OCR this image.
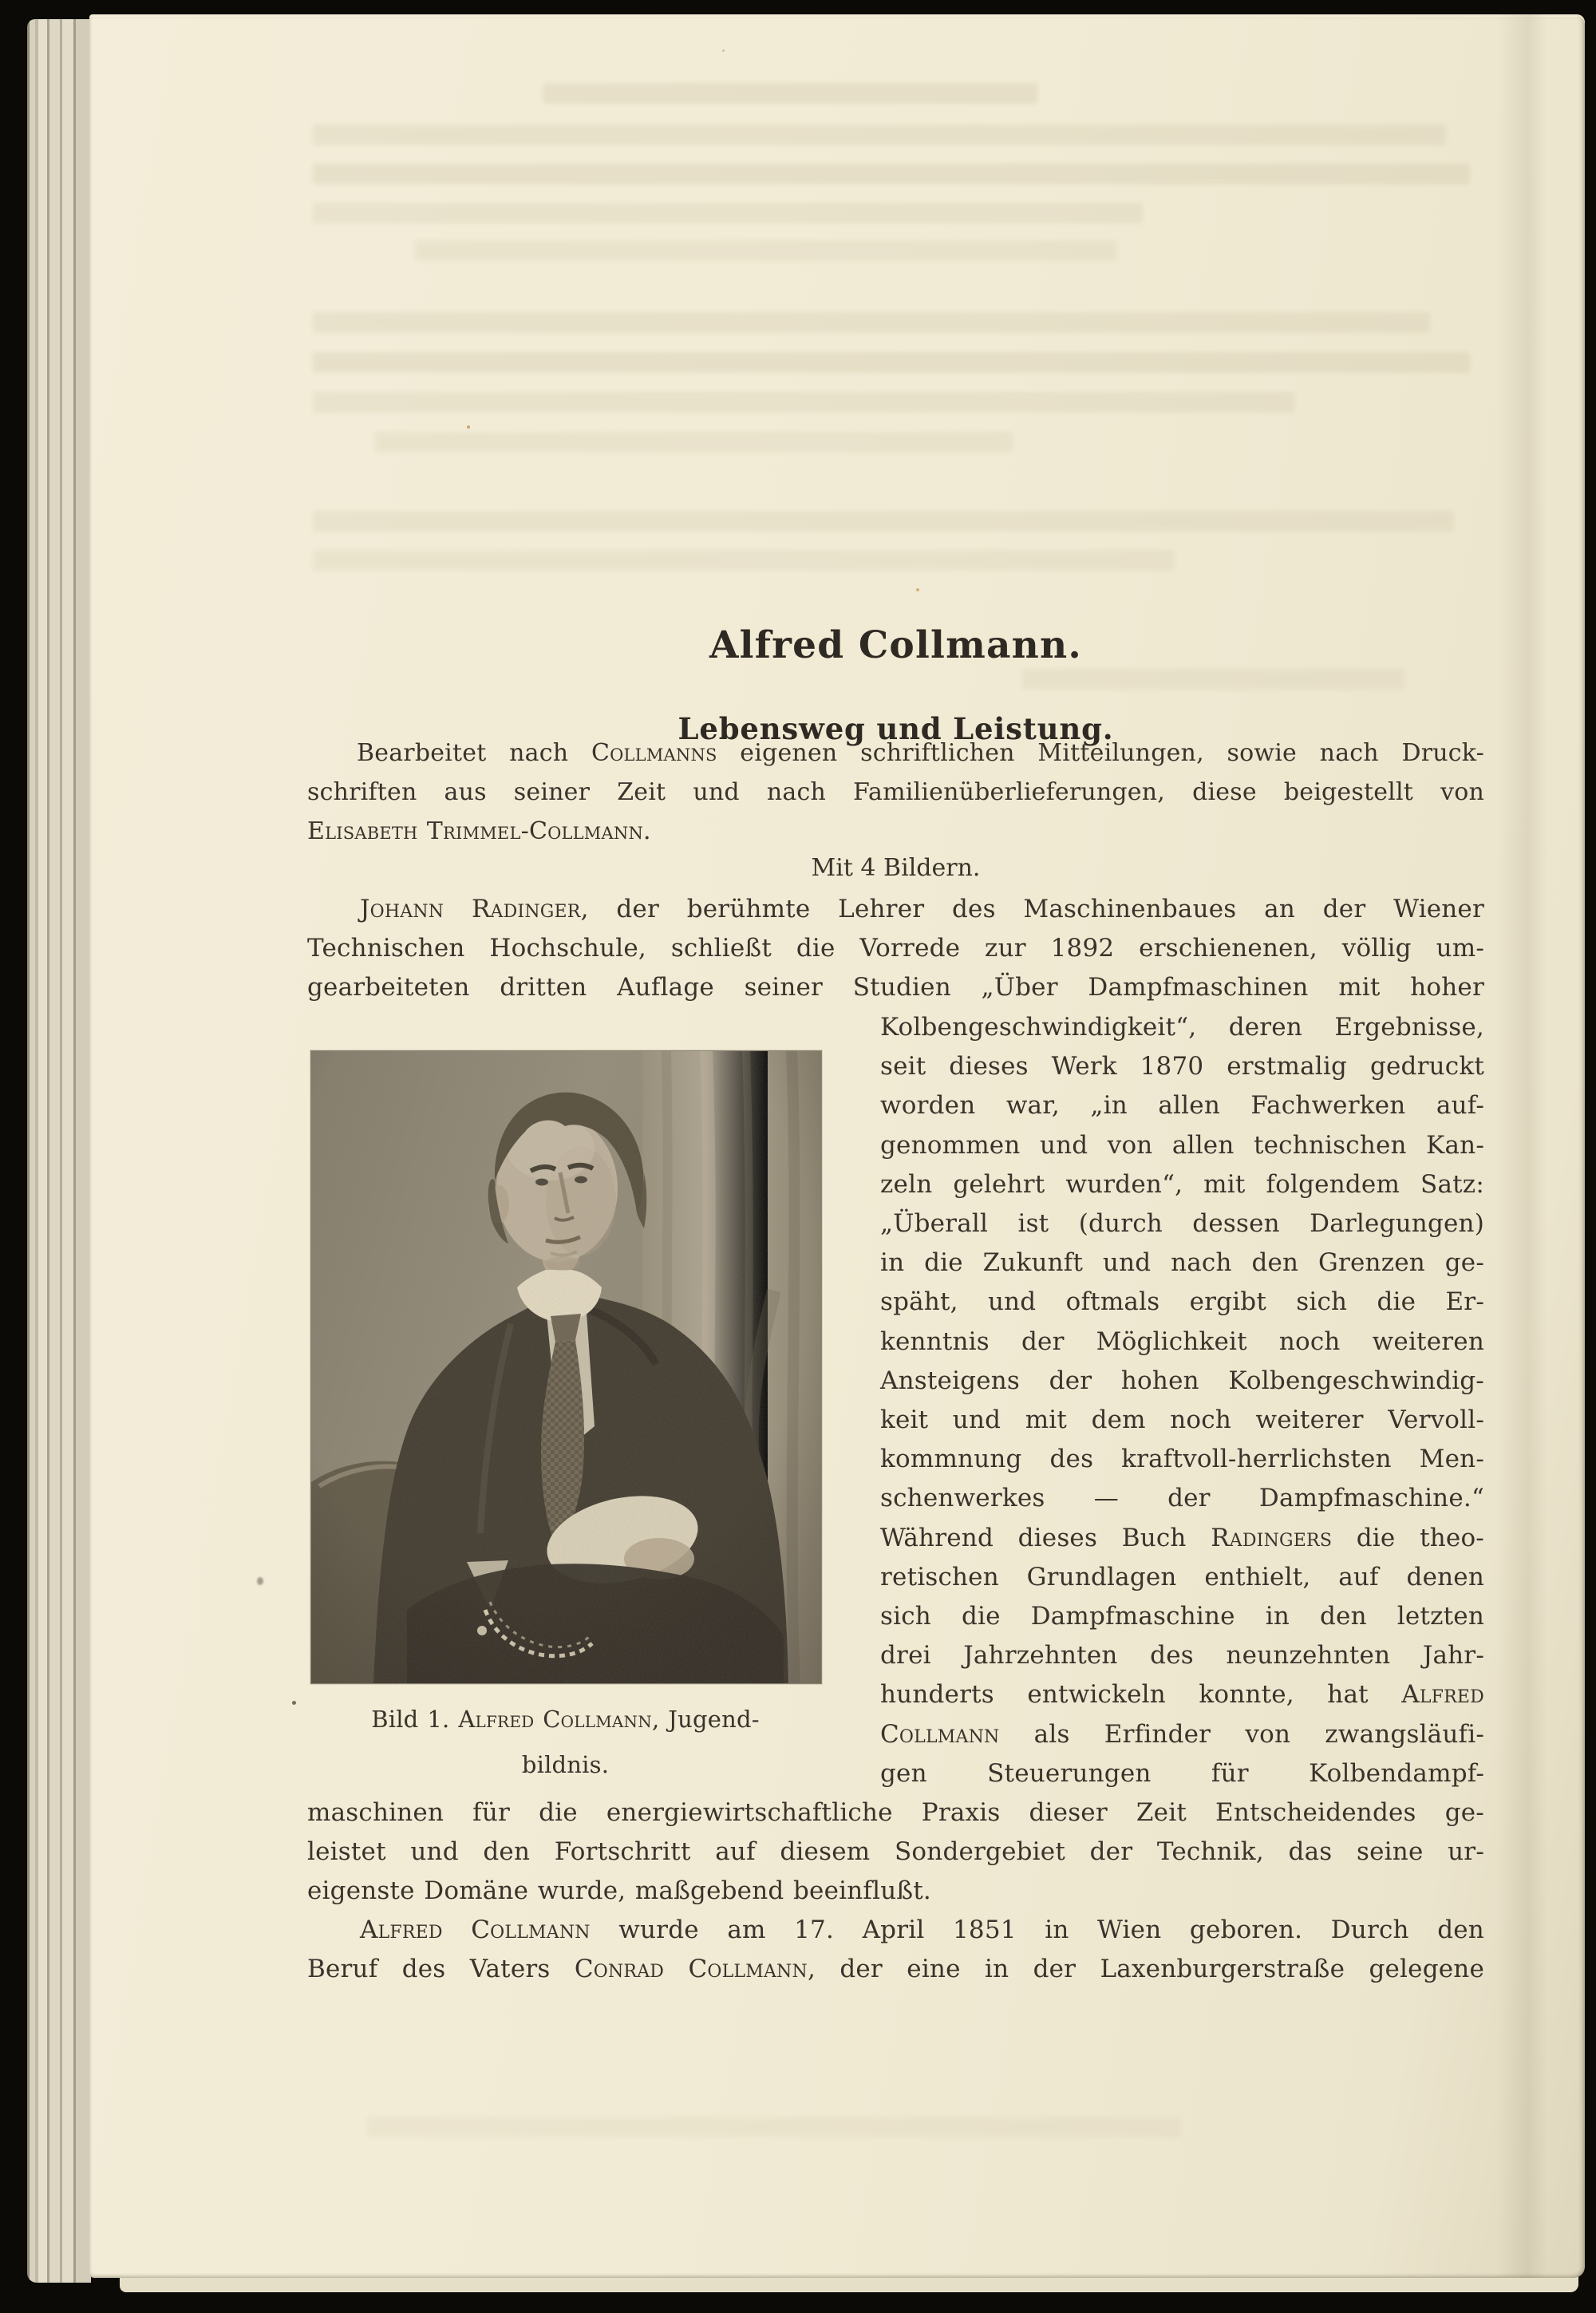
Alfred Collmann.
Lebensweg und Leistung.
Bearbeitet nach Collmanns eigenen schriftlichen Mitteilungen, sowie nach Druck-
schriften aus seiner Zeit und nach Familienüberlieferungen, diese beigestellt von
Elisabeth Trimmel-Collmann.
Mit 4 Bildern.
Johann Radinger, der berühmte Lehrer des Maschinenbaues an der Wiener
Technischen Hochschule, schließt die Vorrede zur 1892 erschienenen, völlig um-
gearbeiteten dritten Auflage seiner Studien „Über Dampfmaschinen mit hoher
Kolbengeschwindigkeit“, deren Ergebnisse,
seit dieses Werk 1870 erstmalig gedruckt
worden war, „in allen Fachwerken auf-
genommen und von allen technischen Kan-
zeln gelehrt wurden“, mit folgendem Satz:
„Überall ist (durch dessen Darlegungen)
in die Zukunft und nach den Grenzen ge-
späht, und oftmals ergibt sich die Er-
kenntnis der Möglichkeit noch weiteren
Ansteigens der hohen Kolbengeschwindig-
keit und mit dem noch weiterer Vervoll-
kommnung des kraftvoll-herrlichsten Men-
schenwerkes — der Dampfmaschine.“
Während dieses Buch Radingers die theo-
retischen Grundlagen enthielt, auf denen
sich die Dampfmaschine in den letzten
drei Jahrzehnten des neunzehnten Jahr-
hunderts entwickeln konnte, hat Alfred
Collmann als Erfinder von zwangsläufi-
gen Steuerungen für Kolbendampf-
Bild 1. Alfred Collmann, Jugend-
bildnis.
maschinen für die energiewirtschaftliche Praxis dieser Zeit Entscheidendes ge-
leistet und den Fortschritt auf diesem Sondergebiet der Technik, das seine ur-
eigenste Domäne wurde, maßgebend beeinflußt.
Alfred Collmann wurde am 17. April 1851 in Wien geboren. Durch den
Beruf des Vaters Conrad Collmann, der eine in der Laxenburgerstraße gelegene
